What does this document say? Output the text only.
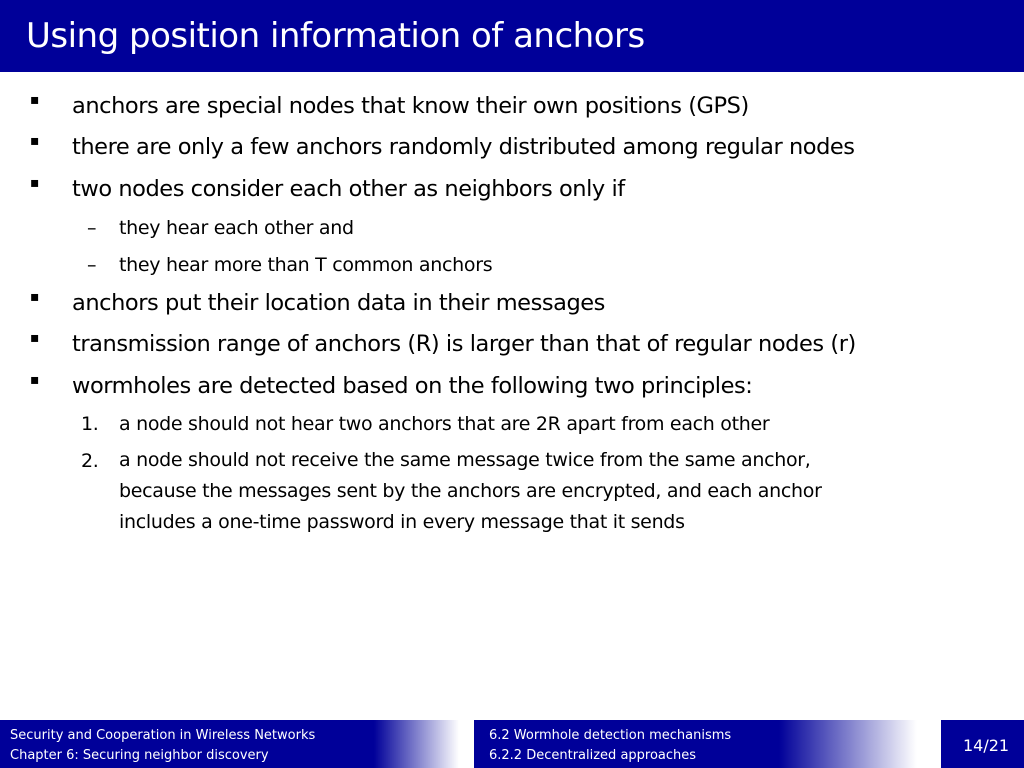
Using position information of anchors
▪ anchors are special nodes that know their own positions (GPS)
▪ there are only a few anchors randomly distributed among regular nodes
▪ two nodes consider each other as neighbors only if
– they hear each other and
– they hear more than T common anchors
▪ anchors put their location data in their messages
▪ transmission range of anchors (R) is larger than that of regular nodes (r)
▪ wormholes are detected based on the following two principles:
1. a node should not hear two anchors that are 2R apart from each other
2. a node should not receive the same message twice from the same anchor,
because the messages sent by the anchors are encrypted, and each anchor
includes a one-time password in every message that it sends
Security and Cooperation in Wireless Networks
Chapter 6: Securing neighbor discovery
6.2 Wormhole detection mechanisms
6.2.2 Decentralized approaches
14/21
